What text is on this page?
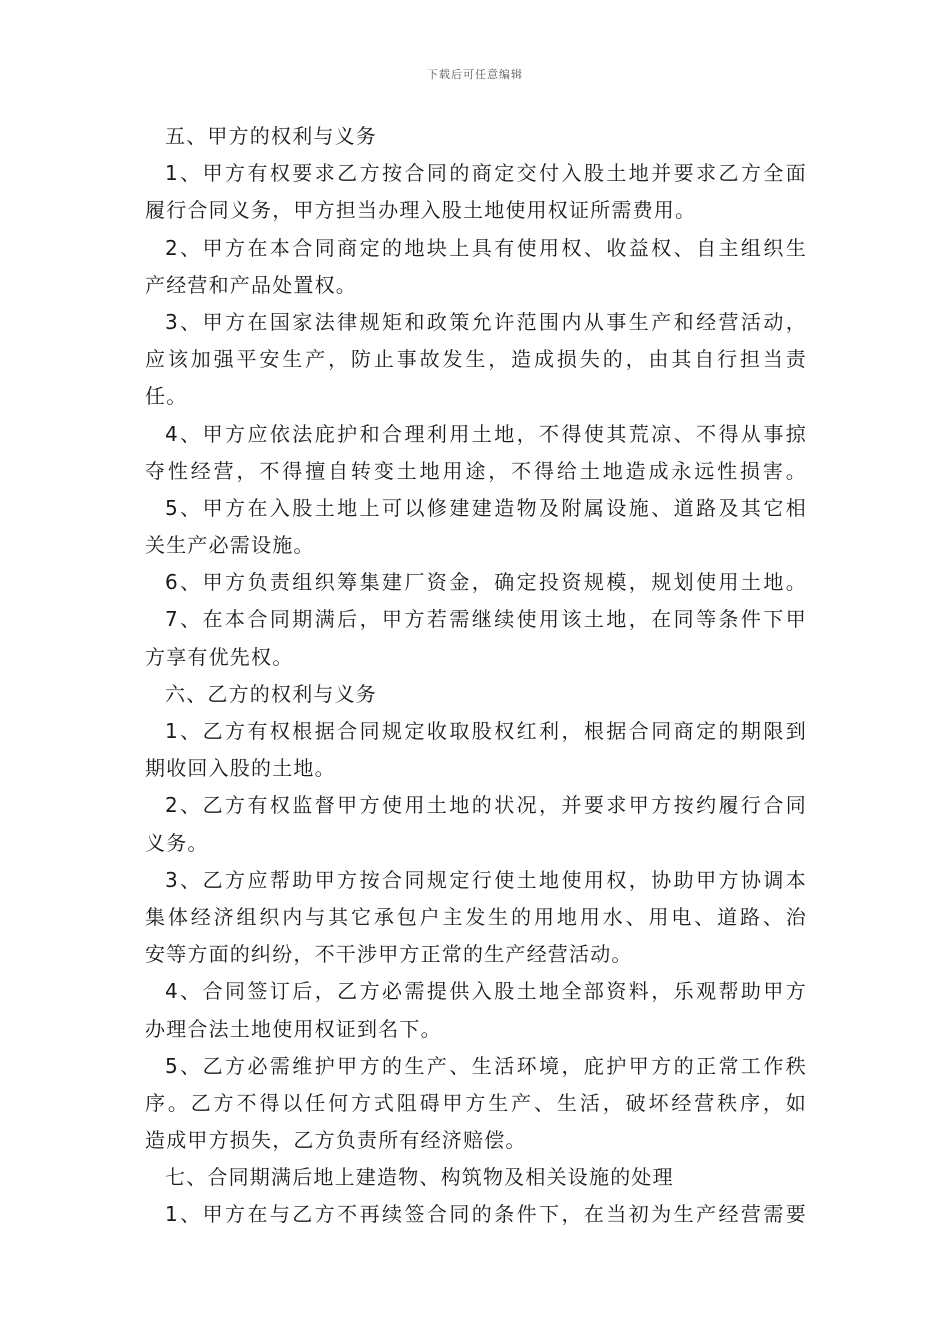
下载后可任意编辑
五、甲方的权利与义务
1、甲方有权要求乙方按合同的商定交付入股土地并要求乙方全面
履行合同义务，甲方担当办理入股土地使用权证所需费用。
2、甲方在本合同商定的地块上具有使用权、收益权、自主组织生
产经营和产品处置权。
3、甲方在国家法律规矩和政策允许范围内从事生产和经营活动，
应该加强平安生产，防止事故发生，造成损失的，由其自行担当责
任。
4、甲方应依法庇护和合理利用土地，不得使其荒凉、不得从事掠
夺性经营，不得擅自转变土地用途，不得给土地造成永远性损害。
5、甲方在入股土地上可以修建建造物及附属设施、道路及其它相
关生产必需设施。
6、甲方负责组织筹集建厂资金，确定投资规模，规划使用土地。
7、在本合同期满后，甲方若需继续使用该土地，在同等条件下甲
方享有优先权。
六、乙方的权利与义务
1、乙方有权根据合同规定收取股权红利，根据合同商定的期限到
期收回入股的土地。
2、乙方有权监督甲方使用土地的状况，并要求甲方按约履行合同
义务。
3、乙方应帮助甲方按合同规定行使土地使用权，协助甲方协调本
集体经济组织内与其它承包户主发生的用地用水、用电、道路、治
安等方面的纠纷，不干涉甲方正常的生产经营活动。
4、合同签订后，乙方必需提供入股土地全部资料，乐观帮助甲方
办理合法土地使用权证到名下。
5、乙方必需维护甲方的生产、生活环境，庇护甲方的正常工作秩
序。乙方不得以任何方式阻碍甲方生产、生活，破坏经营秩序，如
造成甲方损失，乙方负责所有经济赔偿。
七、合同期满后地上建造物、构筑物及相关设施的处理
1、甲方在与乙方不再续签合同的条件下，在当初为生产经营需要
